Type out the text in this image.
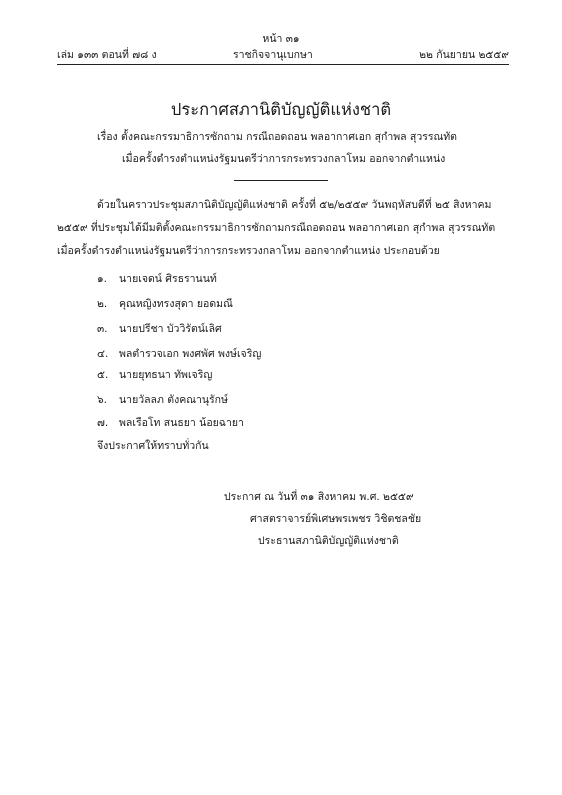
หน้า ๓๑
เล่ม ๑๓๓ ตอนที่ ๗๘ ง	ราชกิจจานุเบกษา	๒๒ กันยายน ๒๕๕๙
ประกาศสภานิติบัญญัติแห่งชาติ
เรื่อง ตั้งคณะกรรมาธิการซักถาม กรณีถอดถอน พลอากาศเอก สุกำพล สุวรรณทัต
เมื่อครั้งดำรงตำแหน่งรัฐมนตรีว่าการกระทรวงกลาโหม ออกจากตำแหน่ง
ด้วยในคราวประชุมสภานิติบัญญัติแห่งชาติ ครั้งที่ ๕๒/๒๕๕๙ วันพฤหัสบดีที่ ๒๕ สิงหาคม
๒๕๕๙ ที่ประชุมได้มีมติตั้งคณะกรรมาธิการซักถามกรณีถอดถอน พลอากาศเอก สุกำพล สุวรรณทัต
เมื่อครั้งดำรงตำแหน่งรัฐมนตรีว่าการกระทรวงกลาโหม ออกจากตำแหน่ง ประกอบด้วย
๑. นายเจดน์ ศิรธรานนท์
๒. คุณหญิงทรงสุดา ยอดมณี
๓. นายปรีชา บัววิรัตน์เลิศ
๔. พลตำรวจเอก พงศพัศ พงษ์เจริญ
๕. นายยุทธนา ทัพเจริญ
๖. นายวัลลภ ตังคณานุรักษ์
๗. พลเรือโท สนธยา น้อยฉายา
จึงประกาศให้ทราบทั่วกัน
ประกาศ ณ วันที่ ๓๑ สิงหาคม พ.ศ. ๒๕๕๙
ศาสตราจารย์พิเศษพรเพชร วิชิตชลชัย
ประธานสภานิติบัญญัติแห่งชาติ
